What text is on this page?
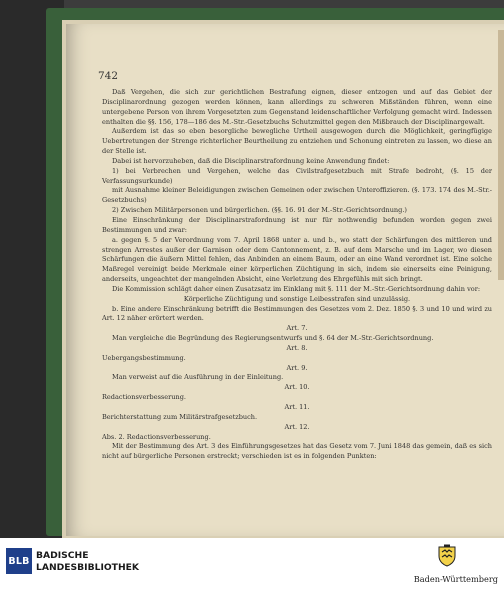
742

Daß Vergehen, die sich zur gerichtlichen Bestrafung eignen, dieser entzogen und auf das Gebiet der Disciplinarordnung gezogen werden können, kann allerdings zu schweren Mißständen führen, wenn eine untergebene Person von ihrem Vorgesetzten zum Gegenstand leidenschaftlicher Verfolgung gemacht wird. Indessen enthalten die §§. 156, 178—186 des M.-Str.-Gesetzbuchs Schutzmittel gegen den Mißbrauch der Disciplinargewalt.

Außerdem ist das so eben besorgliche bewegliche Urtheil ausgewogen durch die Möglichkeit, geringfügige Uebertretungen der Strenge richterlicher Beurtheilung zu entziehen und Schonung eintreten zu lassen, wo diese an der Stelle ist.

Dabei ist hervorzuheben, daß die Disciplinarstrafordnung keine Anwendung findet:

1) bei Verbrechen und Vergehen, welche das Civilstrafgesetzbuch mit Strafe bedroht, (§. 15 der Verfassungsurkunde)

mit Ausnahme kleiner Beleidigungen zwischen Gemeinen oder zwischen Unteroffizieren. (§. 173. 174 des M.-Str.-Gesetzbuchs)

2) Zwischen Militärpersonen und bürgerlichen. (§§. 16. 91 der M.-Str.-Gerichtsordnung.)

Eine Einschränkung der Disciplinarstrafordnung ist nur für nothwendig befunden worden gegen zwei Bestimmungen und zwar:

a. gegen §. 5 der Verordnung vom 7. April 1868 unter a. und b., wo statt der Schärfungen des mittleren und strengen Arrestes außer der Garnison oder dem Cantonnement, z. B. auf dem Marsche und im Lager, wo diesen Schärfungen die äußern Mittel fehlen, das Anbinden an einem Baum, oder an eine Wand verordnet ist. Eine solche Maßregel vereinigt beide Merkmale einer körperlichen Züchtigung in sich, indem sie einerseits eine Peinigung, anderseits, ungeachtet der mangelnden Absicht, eine Verletzung des Ehrgefühls mit sich bringt.

Die Kommission schlägt daher einen Zusatzsatz im Einklang mit §. 111 der M.-Str.-Gerichtsordnung dahin vor:

Körperliche Züchtigung und sonstige Leibesstrafen sind unzulässig.

b. Eine andere Einschränkung betrifft die Bestimmungen des Gesetzes vom 2. Dez. 1850 §. 3 und 10 und wird zu Art. 12 näher erörtert werden.

Art. 7.

Man vergleiche die Begründung des Regierungsentwurfs und §. 64 der M.-Str.-Gerichtsordnung.

Art. 8.

Uebergangsbestimmung.

Art. 9.

Man verweist auf die Ausführung in der Einleitung.

Art. 10.

Redactionsverbesserung.

Art. 11.

Berichterstattung zum Militärstrafgesetzbuch.

Art. 12.

Abs. 2. Redactionsverbesserung.

Mit der Bestimmung des Art. 3 des Einführungsgesetzes hat das Gesetz vom 7. Juni 1848 das gemein, daß es sich nicht auf bürgerliche Personen erstreckt; verschieden ist es in folgenden Punkten:

BLB BADISCHE
LANDESBIBLIOTHEK
Baden-Württemberg
